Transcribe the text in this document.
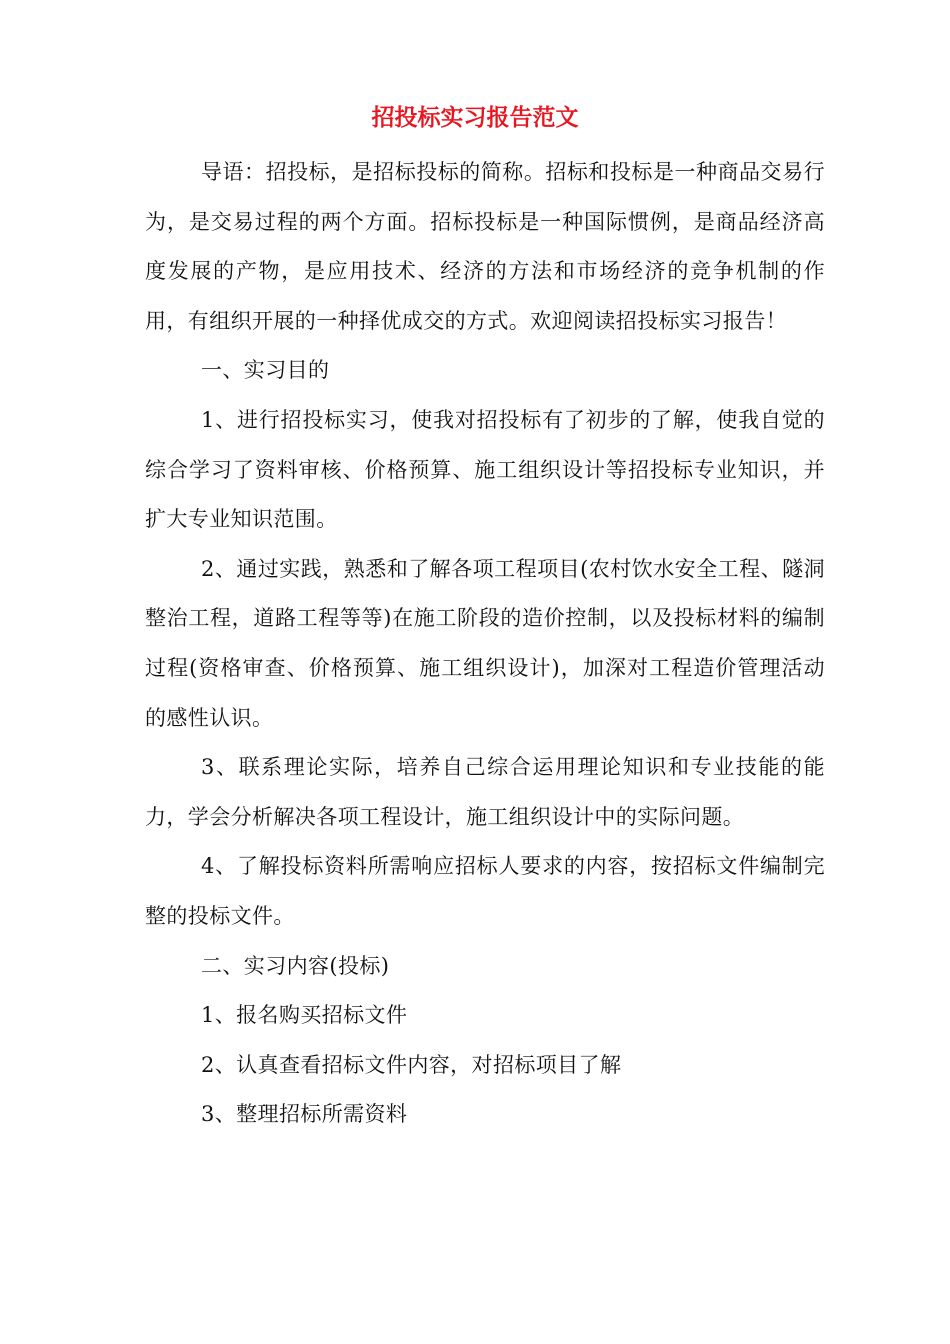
招投标实习报告范文

导语：招投标，是招标投标的简称。招标和投标是一种商品交易行为，是交易过程的两个方面。招标投标是一种国际惯例，是商品经济高度发展的产物，是应用技术、经济的方法和市场经济的竞争机制的作用，有组织开展的一种择优成交的方式。欢迎阅读招投标实习报告！

一、实习目的

1、进行招投标实习，使我对招投标有了初步的了解，使我自觉的综合学习了资料审核、价格预算、施工组织设计等招投标专业知识，并扩大专业知识范围。

2、通过实践，熟悉和了解各项工程项目(农村饮水安全工程、隧洞整治工程，道路工程等等)在施工阶段的造价控制，以及投标材料的编制过程(资格审查、价格预算、施工组织设计)，加深对工程造价管理活动的感性认识。

3、联系理论实际，培养自己综合运用理论知识和专业技能的能力，学会分析解决各项工程设计，施工组织设计中的实际问题。

4、了解投标资料所需响应招标人要求的内容，按招标文件编制完整的投标文件。

二、实习内容(投标)

1、报名购买招标文件

2、认真查看招标文件内容，对招标项目了解

3、整理招标所需资料
